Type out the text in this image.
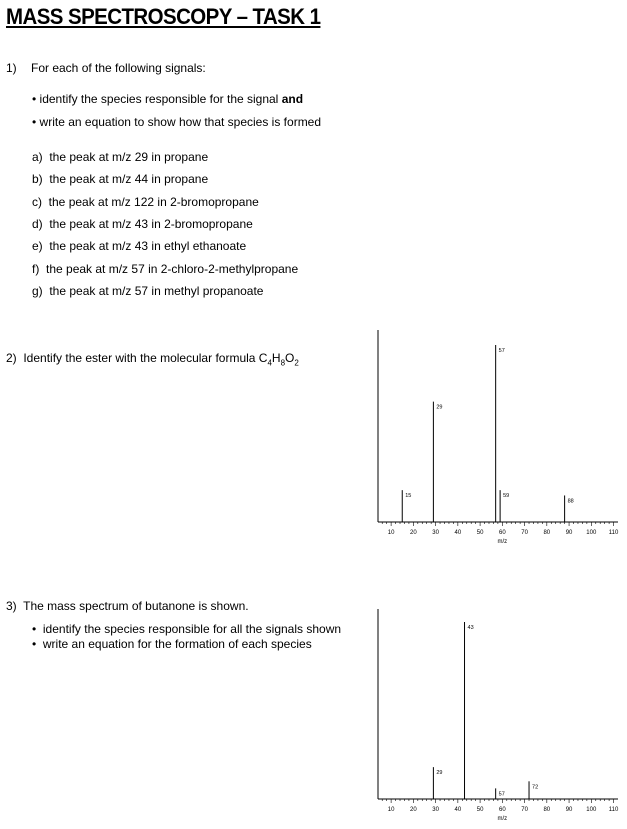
MASS SPECTROSCOPY – TASK 1
1) For each of the following signals:
• identify the species responsible for the signal and
• write an equation to show how that species is formed
a) the peak at m/z 29 in propane
b) the peak at m/z 44 in propane
c) the peak at m/z 122 in 2-bromopropane
d) the peak at m/z 43 in 2-bromopropane
e) the peak at m/z 43 in ethyl ethanoate
f) the peak at m/z 57 in 2-chloro-2-methylpropane
g) the peak at m/z 57 in methyl propanoate
2) Identify the ester with the molecular formula $C_4H_8O_2$
3) The mass spectrum of butanone is shown.
• identify the species responsible for all the signals shown
• write an equation for the formation of each species
10	20	30	40	50	60	70	80	90 100 110
m/z
15
29
57
59
88
10	20	30	40	50	60	70	80	90 100 110
m/z
29
43
57
72
